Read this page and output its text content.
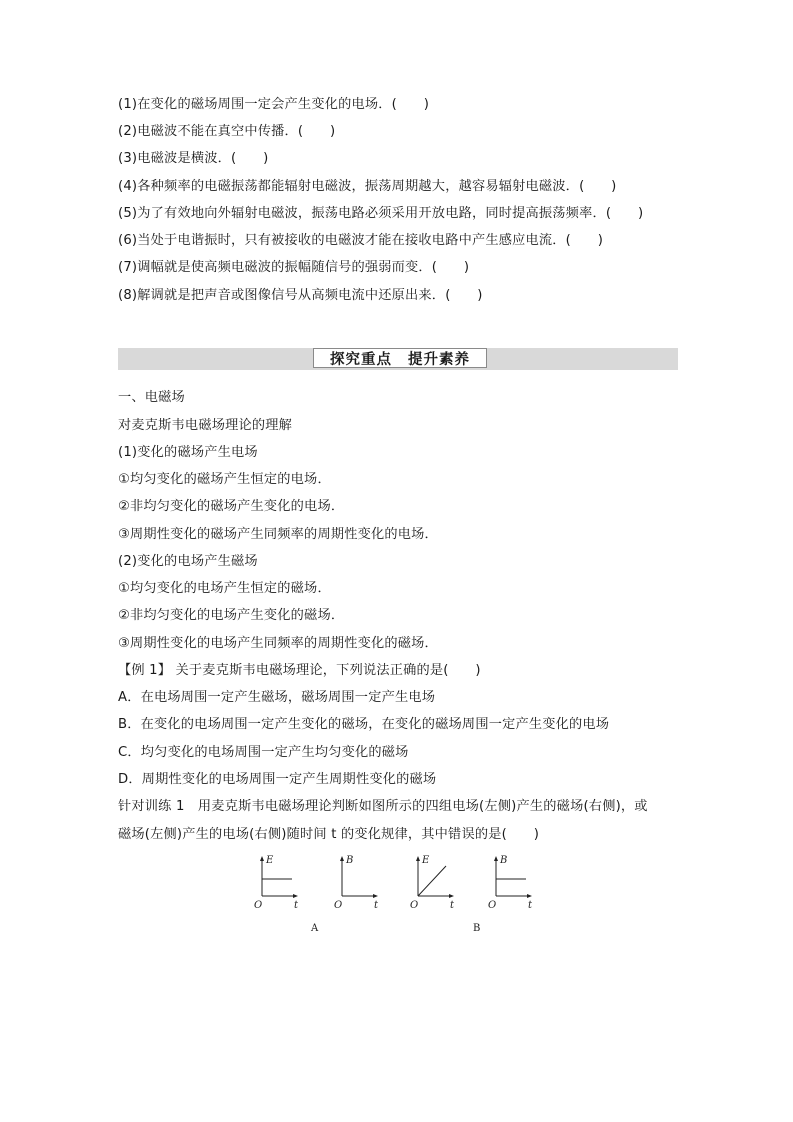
(1)在变化的磁场周围一定会产生变化的电场．(　　)
(2)电磁波不能在真空中传播．(　　)
(3)电磁波是横波．(　　)
(4)各种频率的电磁振荡都能辐射电磁波，振荡周期越大，越容易辐射电磁波．(　　)
(5)为了有效地向外辐射电磁波，振荡电路必须采用开放电路，同时提高振荡频率．(　　)
(6)当处于电谐振时，只有被接收的电磁波才能在接收电路中产生感应电流．(　　)
(7)调幅就是使高频电磁波的振幅随信号的强弱而变．(　　)
(8)解调就是把声音或图像信号从高频电流中还原出来．(　　)
探究重点 提升素养
一、电磁场
对麦克斯韦电磁场理论的理解
(1)变化的磁场产生电场
①均匀变化的磁场产生恒定的电场．
②非均匀变化的磁场产生变化的电场．
③周期性变化的磁场产生同频率的周期性变化的电场．
(2)变化的电场产生磁场
①均匀变化的电场产生恒定的磁场．
②非均匀变化的电场产生变化的磁场．
③周期性变化的电场产生同频率的周期性变化的磁场．
【例 1】 关于麦克斯韦电磁场理论，下列说法正确的是(　　)
A．在电场周围一定产生磁场，磁场周围一定产生电场
B．在变化的电场周围一定产生变化的磁场，在变化的磁场周围一定产生变化的电场
C．均匀变化的电场周围一定产生均匀变化的磁场
D．周期性变化的电场周围一定产生周期性变化的磁场
针对训练 1　用麦克斯韦电磁场理论判断如图所示的四组电场(左侧)产生的磁场(右侧)，或
磁场(左侧)产生的电场(右侧)随时间 t 的变化规律，其中错误的是(　　)
E
O	t
B
O	t
E
O	t
B
O	t
A	B
